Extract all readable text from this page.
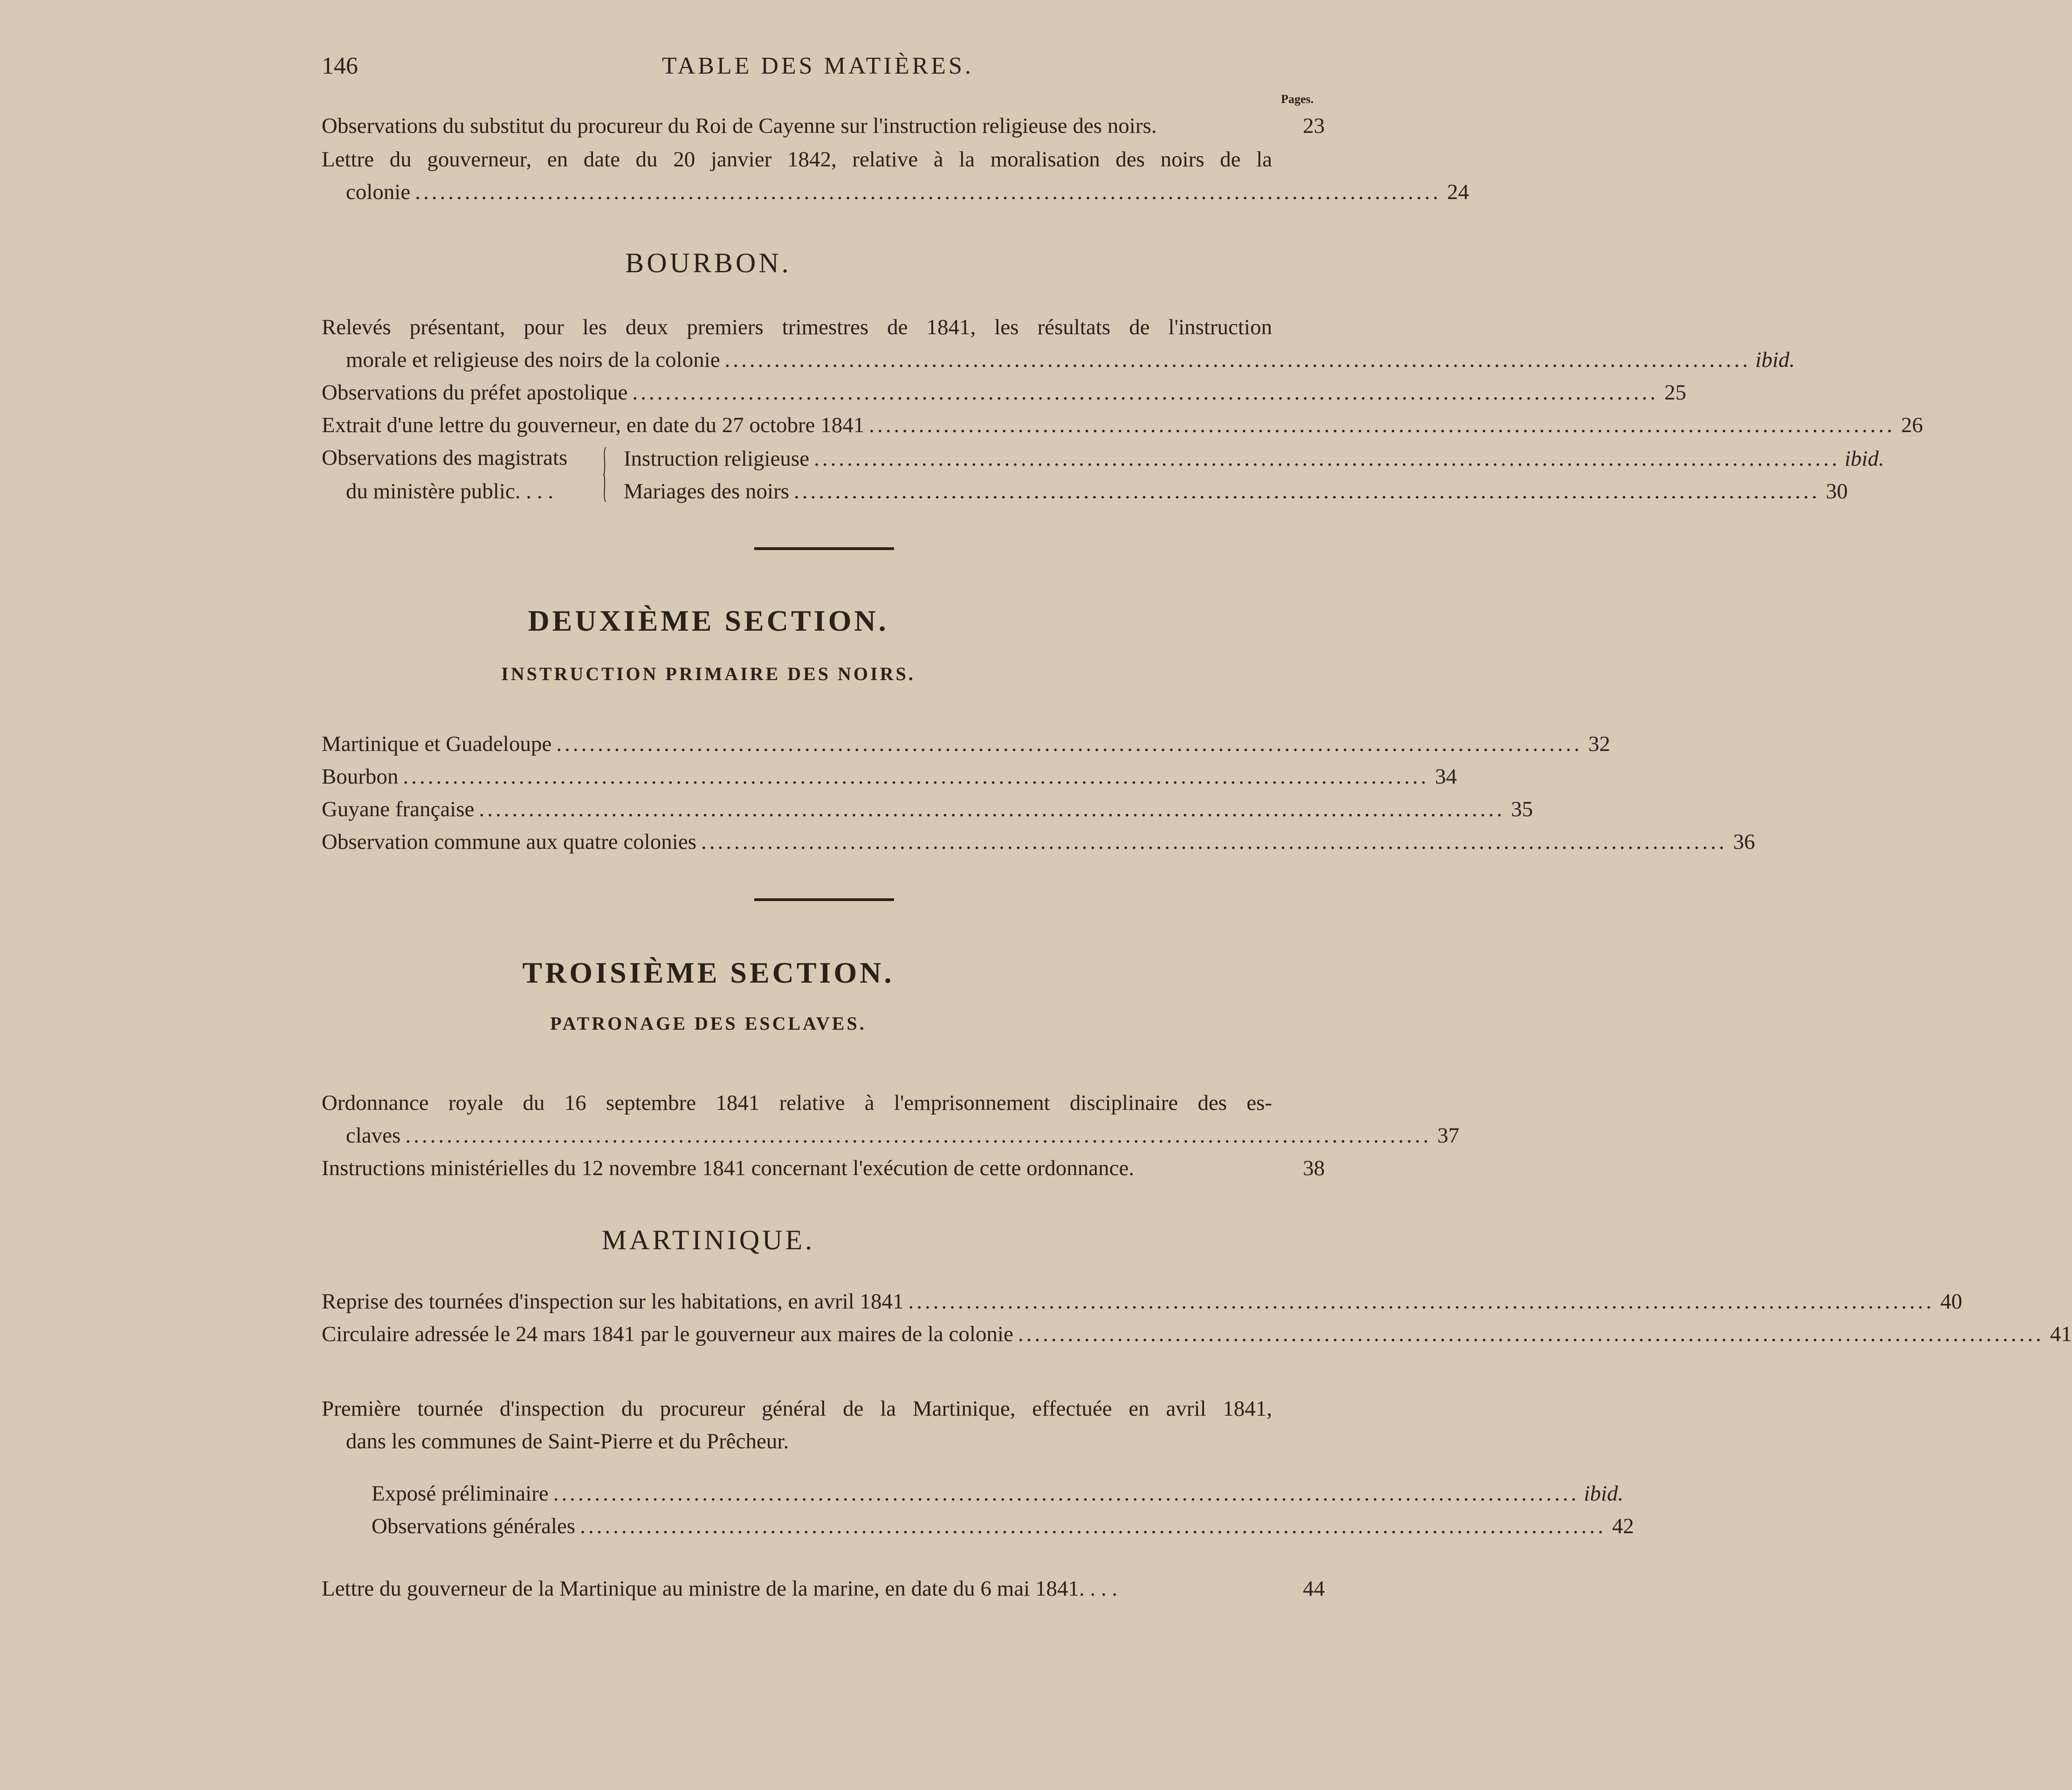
146	TABLE DES MATIÈRES.
Pages.
Observations du substitut du procureur du Roi de Cayenne sur l'instruction religieuse des noirs.	23
Lettre du gouverneur, en date du 20 janvier 1842, relative à la moralisation des noirs de la
colonie ............................................................................................................................ 24
BOURBON.
Relevés présentant, pour les deux premiers trimestres de 1841, les résultats de l'instruction
morale et religieuse des noirs de la colonie ............................................................................................................................ ibid.
Observations du préfet apostolique ............................................................................................................................ 25
Extrait d'une lettre du gouverneur, en date du 27 octobre 1841 ............................................................................................................................ 26
Observations des magistrats
du ministère public. . . .
Instruction religieuse ............................................................................................................................ ibid.
Mariages des noirs ............................................................................................................................ 30
DEUXIÈME SECTION.
INSTRUCTION PRIMAIRE DES NOIRS.
Martinique et Guadeloupe ............................................................................................................................ 32
Bourbon ............................................................................................................................ 34
Guyane française ............................................................................................................................ 35
Observation commune aux quatre colonies ............................................................................................................................ 36
TROISIÈME SECTION.
PATRONAGE DES ESCLAVES.
Ordonnance royale du 16 septembre 1841 relative à l'emprisonnement disciplinaire des es-
claves ............................................................................................................................ 37
Instructions ministérielles du 12 novembre 1841 concernant l'exécution de cette ordonnance.	38
MARTINIQUE.
Reprise des tournées d'inspection sur les habitations, en avril 1841 ............................................................................................................................ 40
Circulaire adressée le 24 mars 1841 par le gouverneur aux maires de la colonie ............................................................................................................................ 41
Première tournée d'inspection du procureur général de la Martinique, effectuée en avril 1841,
dans les communes de Saint-Pierre et du Prêcheur.
Exposé préliminaire ............................................................................................................................ ibid.
Observations générales ............................................................................................................................ 42
Lettre du gouverneur de la Martinique au ministre de la marine, en date du 6 mai 1841. . . .	44
